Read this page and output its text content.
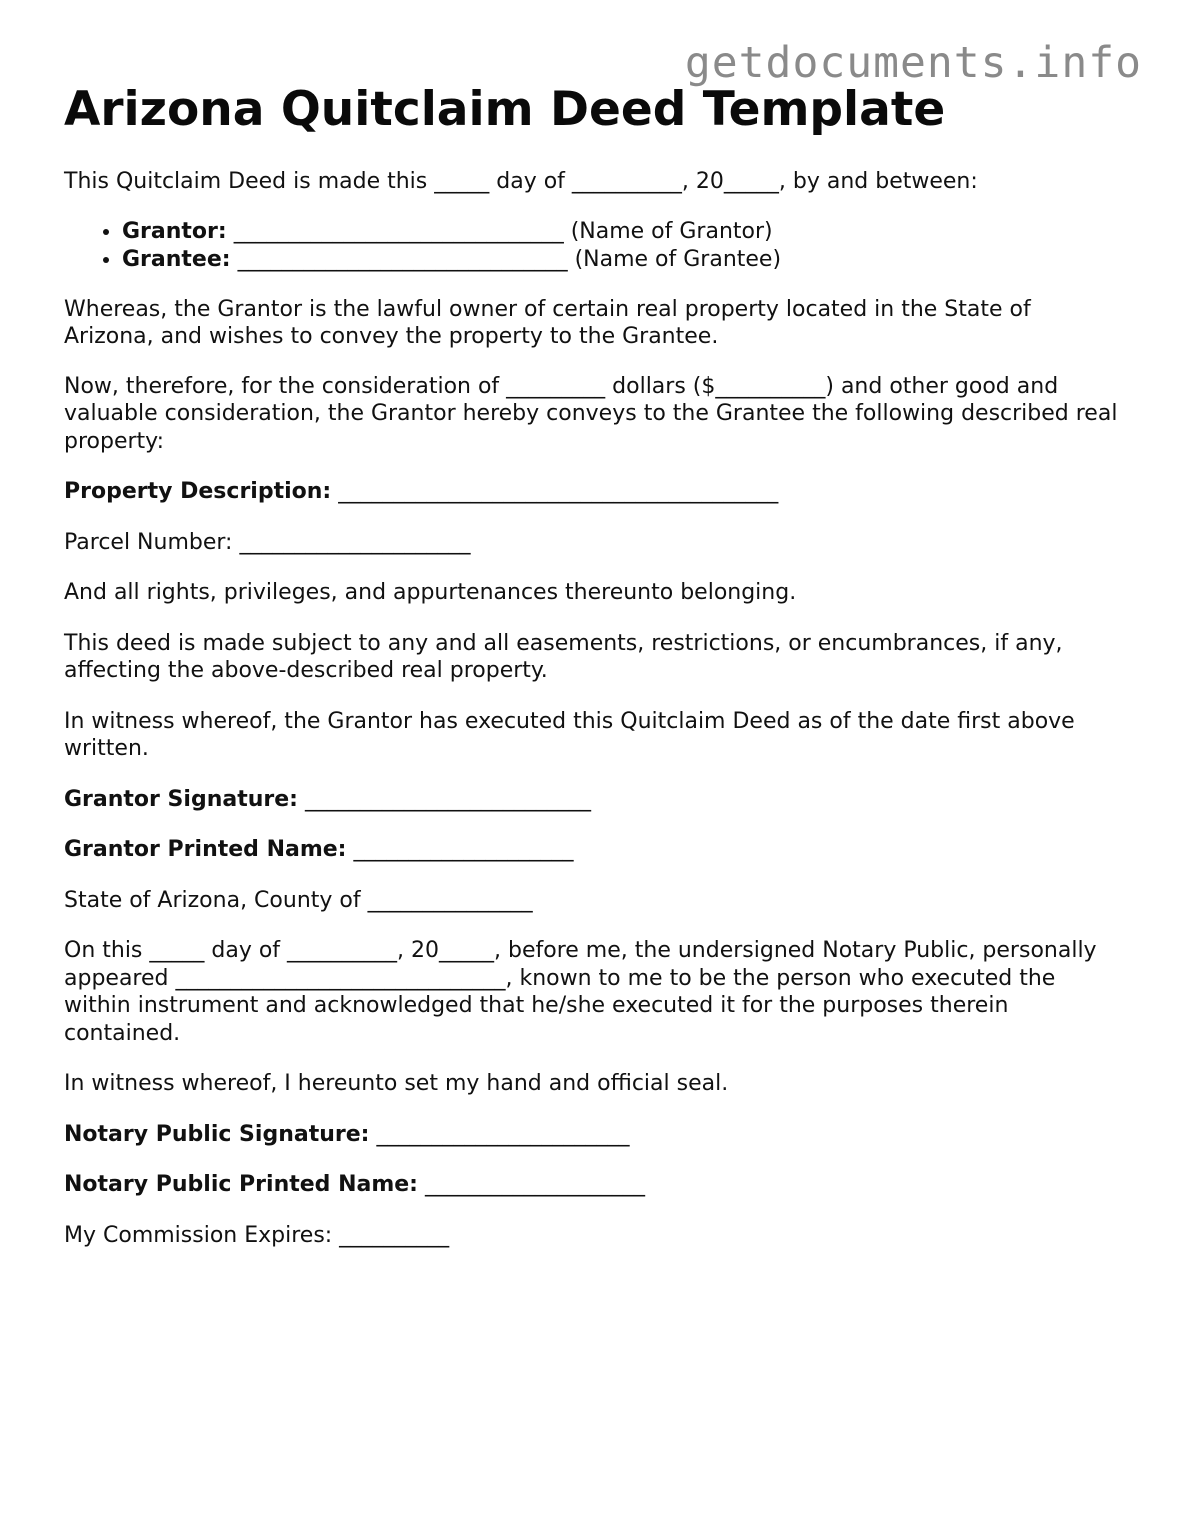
getdocuments.info
Arizona Quitclaim Deed Template

This Quitclaim Deed is made this _____ day of __________, 20_____, by and between:

• Grantor: ______________________________ (Name of Grantor)
• Grantee: ______________________________ (Name of Grantee)

Whereas, the Grantor is the lawful owner of certain real property located in the State of Arizona, and wishes to convey the property to the Grantee.

Now, therefore, for the consideration of _________ dollars ($__________) and other good and valuable consideration, the Grantor hereby conveys to the Grantee the following described real property:

Property Description: ________________________________________

Parcel Number: _____________________

And all rights, privileges, and appurtenances thereunto belonging.

This deed is made subject to any and all easements, restrictions, or encumbrances, if any, affecting the above-described real property.

In witness whereof, the Grantor has executed this Quitclaim Deed as of the date first above written.

Grantor Signature: __________________________

Grantor Printed Name: ____________________

State of Arizona, County of _______________

On this _____ day of __________, 20_____, before me, the undersigned Notary Public, personally appeared ______________________________, known to me to be the person who executed the within instrument and acknowledged that he/she executed it for the purposes therein contained.

In witness whereof, I hereunto set my hand and official seal.

Notary Public Signature: _______________________

Notary Public Printed Name: ____________________

My Commission Expires: __________
